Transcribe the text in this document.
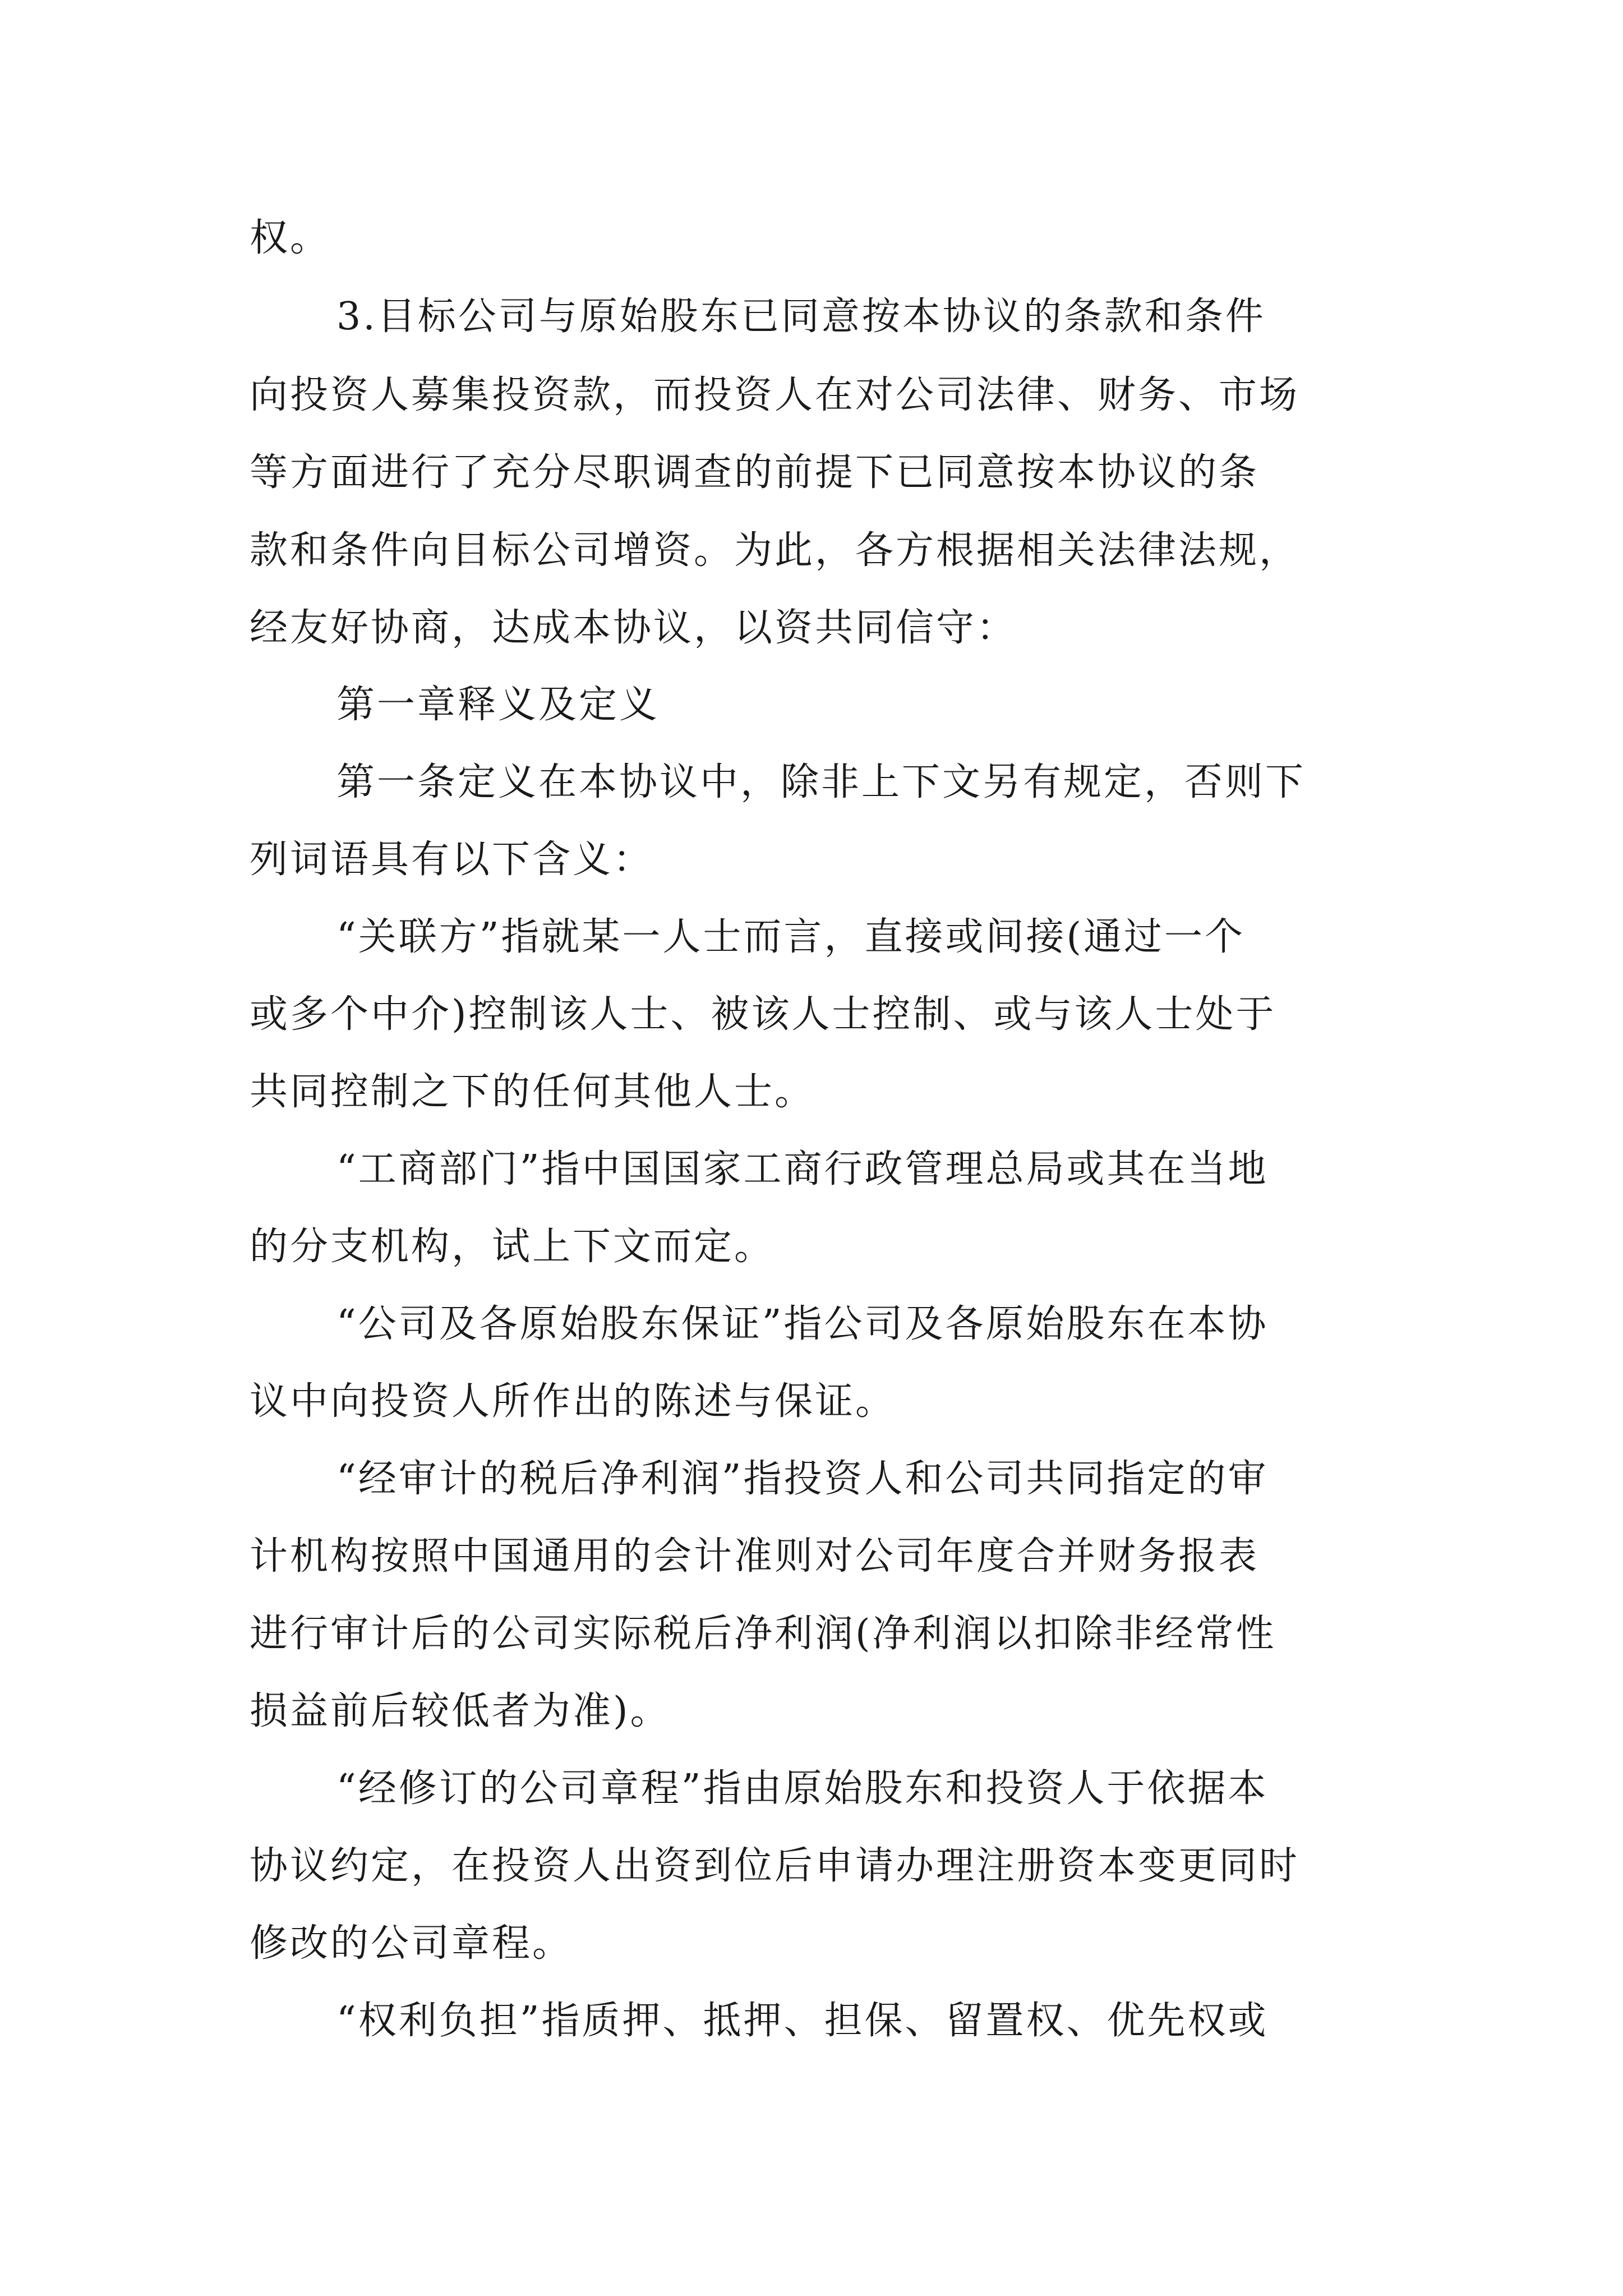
权。

3.目标公司与原始股东已同意按本协议的条款和条件

向投资人募集投资款，而投资人在对公司法律、财务、市场

等方面进行了充分尽职调查的前提下已同意按本协议的条

款和条件向目标公司增资。为此，各方根据相关法律法规，

经友好协商，达成本协议，以资共同信守：

第一章释义及定义

第一条定义在本协议中，除非上下文另有规定，否则下

列词语具有以下含义：

“关联方”指就某一人士而言，直接或间接(通过一个

或多个中介)控制该人士、被该人士控制、或与该人士处于

共同控制之下的任何其他人士。

“工商部门”指中国国家工商行政管理总局或其在当地

的分支机构，试上下文而定。

“公司及各原始股东保证”指公司及各原始股东在本协

议中向投资人所作出的陈述与保证。

“经审计的税后净利润”指投资人和公司共同指定的审

计机构按照中国通用的会计准则对公司年度合并财务报表

进行审计后的公司实际税后净利润(净利润以扣除非经常性

损益前后较低者为准)。

“经修订的公司章程”指由原始股东和投资人于依据本

协议约定，在投资人出资到位后申请办理注册资本变更同时

修改的公司章程。

“权利负担”指质押、抵押、担保、留置权、优先权或
